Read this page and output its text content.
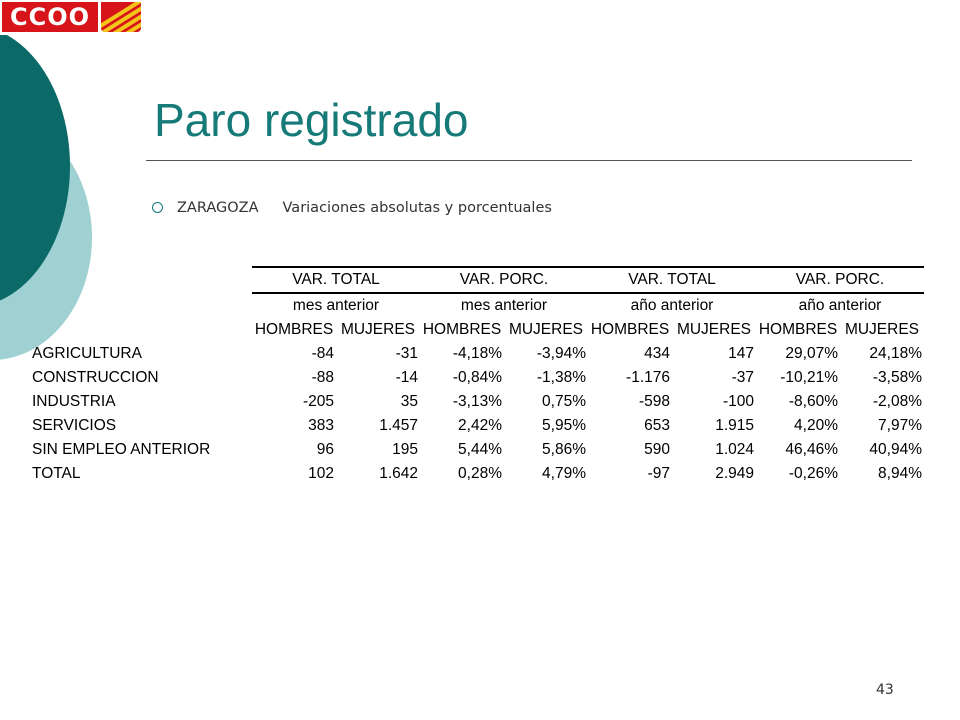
CCOO
Paro registrado
ZARAGOZA Variaciones absolutas y porcentuales
	VAR. TOTAL		VAR. PORC.		VAR. TOTAL		VAR. PORC.	
	mes anterior		mes anterior		año anterior		año anterior	
	HOMBRES	MUJERES	HOMBRES	MUJERES	HOMBRES	MUJERES	HOMBRES	MUJERES
AGRICULTURA	-84	-31	-4,18%	-3,94%	434	147	29,07%	24,18%
CONSTRUCCION	-88	-14	-0,84%	-1,38%	-1.176	-37	-10,21%	-3,58%
INDUSTRIA	-205	35	-3,13%	0,75%	-598	-100	-8,60%	-2,08%
SERVICIOS	383	1.457	2,42%	5,95%	653	1.915	4,20%	7,97%
SIN EMPLEO ANTERIOR	96	195	5,44%	5,86%	590	1.024	46,46%	40,94%
TOTAL	102	1.642	0,28%	4,79%	-97	2.949	-0,26%	8,94%
43
